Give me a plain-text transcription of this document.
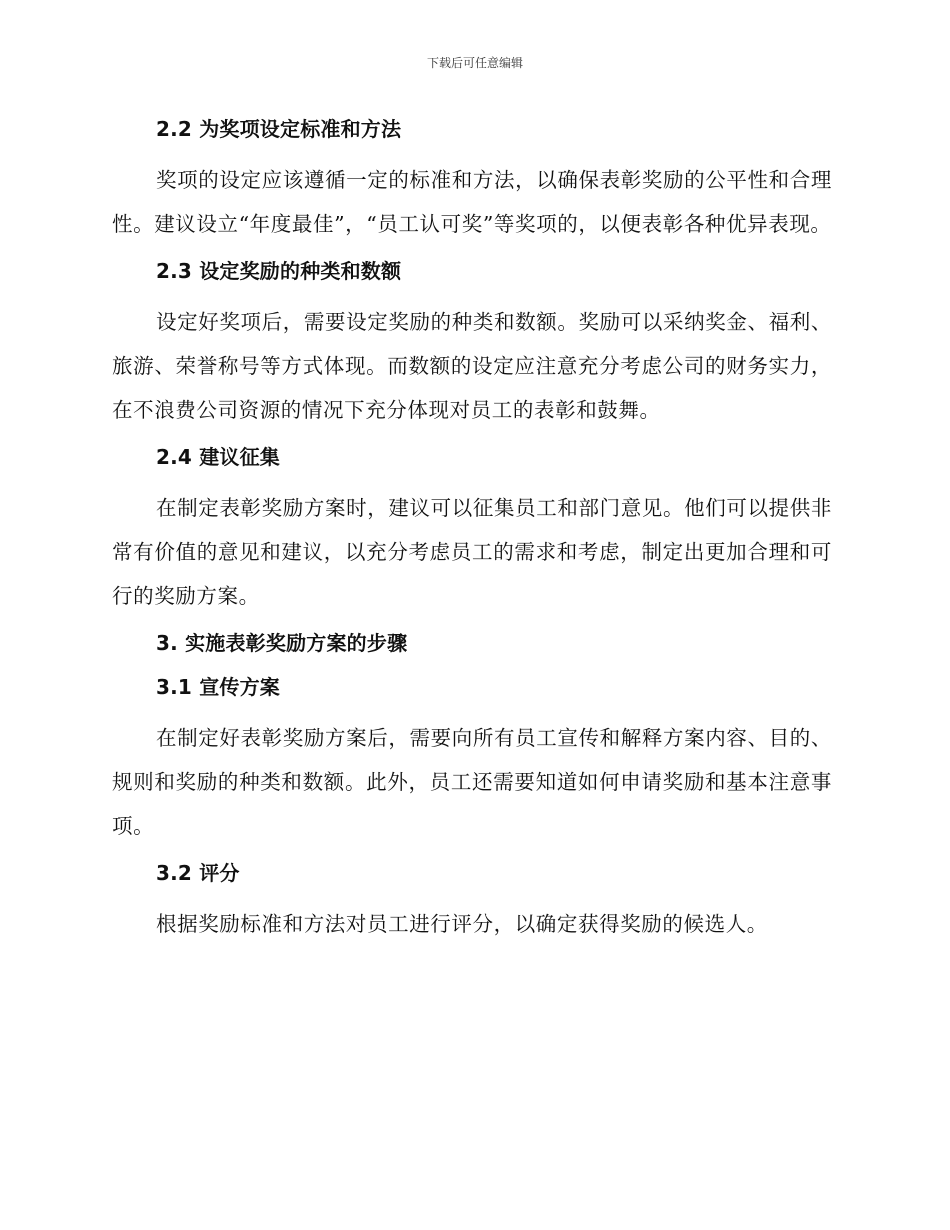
下载后可任意编辑
2.2 为奖项设定标准和方法

奖项的设定应该遵循一定的标准和方法，以确保表彰奖励的公平性和合理性。建议设立“年度最佳”，“员工认可奖”等奖项的，以便表彰各种优异表现。

2.3 设定奖励的种类和数额

设定好奖项后，需要设定奖励的种类和数额。奖励可以采纳奖金、福利、旅游、荣誉称号等方式体现。而数额的设定应注意充分考虑公司的财务实力，在不浪费公司资源的情况下充分体现对员工的表彰和鼓舞。

2.4 建议征集

在制定表彰奖励方案时，建议可以征集员工和部门意见。他们可以提供非常有价值的意见和建议，以充分考虑员工的需求和考虑，制定出更加合理和可行的奖励方案。

3. 实施表彰奖励方案的步骤
3.1 宣传方案

在制定好表彰奖励方案后，需要向所有员工宣传和解释方案内容、目的、规则和奖励的种类和数额。此外，员工还需要知道如何申请奖励和基本注意事项。

3.2 评分

根据奖励标准和方法对员工进行评分，以确定获得奖励的候选人。
